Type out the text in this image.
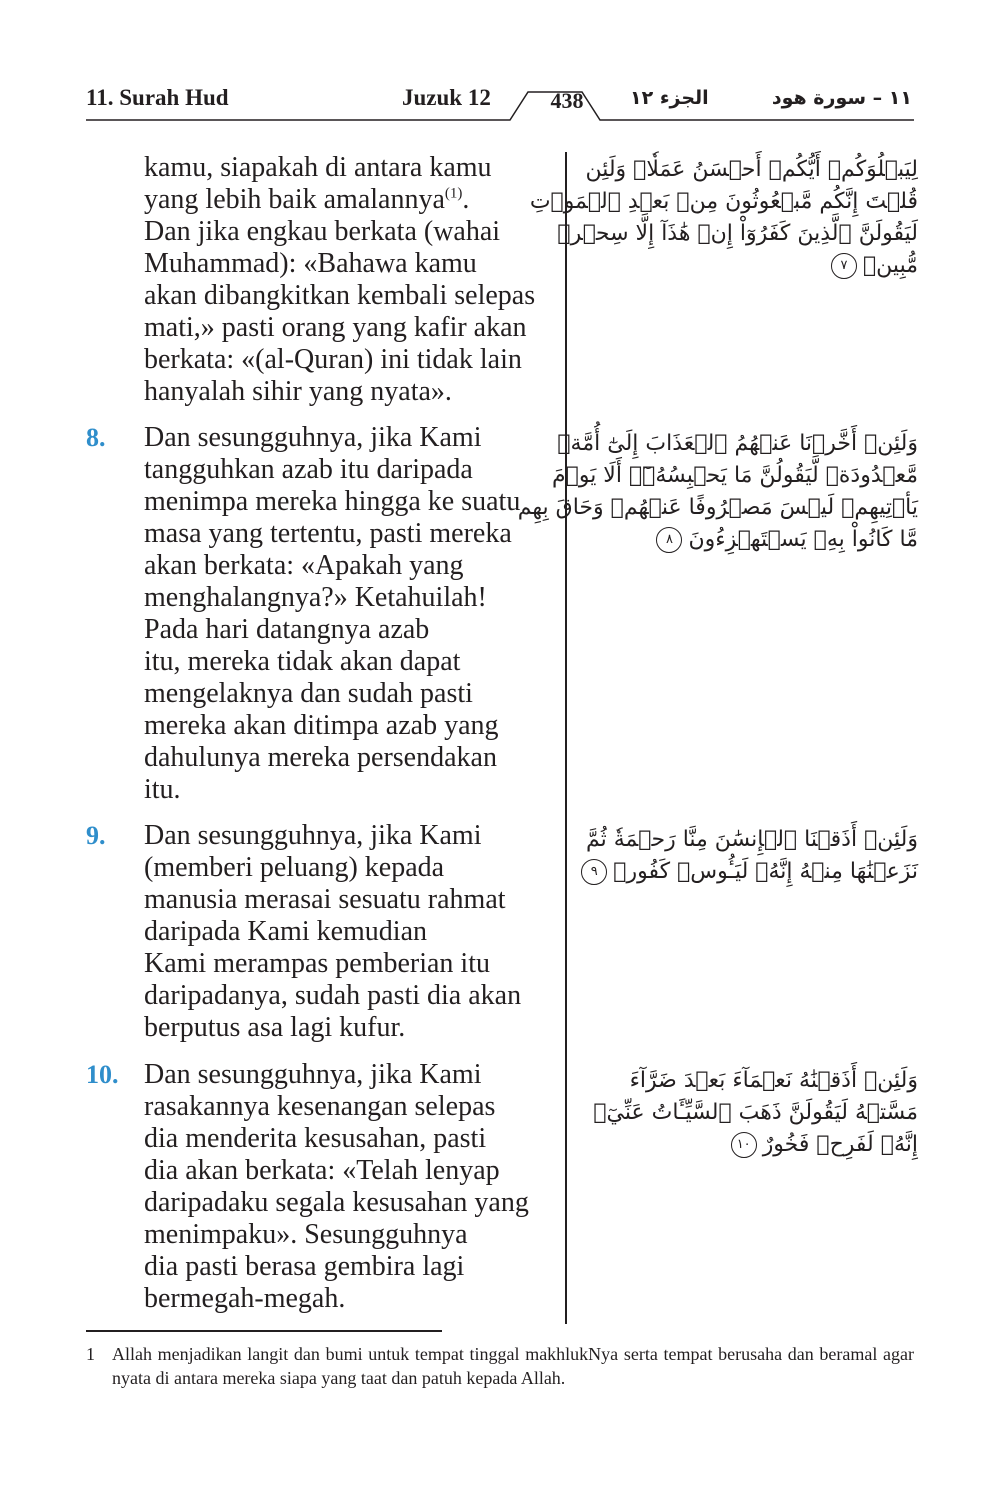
11. Surah Hud	Juzuk 12	438	الجزء ١٢	١١ – سورة هود
kamu, siapakah di antara kamu
yang lebih baik amalannya$^{(1)}$.
Dan jika engkau berkata (wahai
Muhammad): «Bahawa kamu
akan dibangkitkan kembali selepas
mati,» pasti orang yang kafir akan
berkata: «(al-Quran) ini tidak lain
hanyalah sihir yang nyata».
لِيَبۡلُوَكُمۡ أَيُّكُمۡ أَحۡسَنُ عَمَلٗاۗ وَلَئِن
قُلۡتَ إِنَّكُم مَّبۡعُوثُونَ مِنۢ بَعۡدِ ٱلۡمَوۡتِ
لَيَقُولَنَّ ٱلَّذِينَ كَفَرُوٓاْ إِنۡ هَٰذَآ إِلَّا سِحۡرٞ
مُّبِينٞ٧
8. Dan sesungguhnya, jika Kami
tangguhkan azab itu daripada
menimpa mereka hingga ke suatu
masa yang tertentu, pasti mereka
akan berkata: «Apakah yang
menghalangnya?» Ketahuilah!
Pada hari datangnya azab
itu, mereka tidak akan dapat
mengelaknya dan sudah pasti
mereka akan ditimpa azab yang
dahulunya mereka persendakan
itu.
وَلَئِنۡ أَخَّرۡنَا عَنۡهُمُ ٱلۡعَذَابَ إِلَىٰٓ أُمَّةٖ
مَّعۡدُودَةٖ لَّيَقُولُنَّ مَا يَحۡبِسُهُۥٓۗ أَلَا يَوۡمَ
يَأۡتِيهِمۡ لَيۡسَ مَصۡرُوفًا عَنۡهُمۡ وَحَاقَ بِهِم
مَّا كَانُواْ بِهِۦ يَسۡتَهۡزِءُونَ٨
9. Dan sesungguhnya, jika Kami
(memberi peluang) kepada
manusia merasai sesuatu rahmat
daripada Kami kemudian
Kami merampas pemberian itu
daripadanya, sudah pasti dia akan
berputus asa lagi kufur.
وَلَئِنۡ أَذَقۡنَا ٱلۡإِنسَٰنَ مِنَّا رَحۡمَةٗ ثُمَّ
نَزَعۡنَٰهَا مِنۡهُ إِنَّهُۥ لَيَـُٔوسٞ كَفُورٞ٩
10. Dan sesungguhnya, jika Kami
rasakannya kesenangan selepas
dia menderita kesusahan, pasti
dia akan berkata: «Telah lenyap
daripadaku segala kesusahan yang
menimpaku». Sesungguhnya
dia pasti berasa gembira lagi
bermegah-megah.
وَلَئِنۡ أَذَقۡنَٰهُ نَعۡمَآءَ بَعۡدَ ضَرَّآءَ
مَسَّتۡهُ لَيَقُولَنَّ ذَهَبَ ٱلسَّيِّـَٔاتُ عَنِّيٓۚ
إِنَّهُۥ لَفَرِحٞ فَخُورٌ١٠
1 Allah menjadikan langit dan bumi untuk tempat tinggal makhlukNya serta tempat berusaha dan beramal agar nyata di antara mereka siapa yang taat dan patuh kepada Allah.
